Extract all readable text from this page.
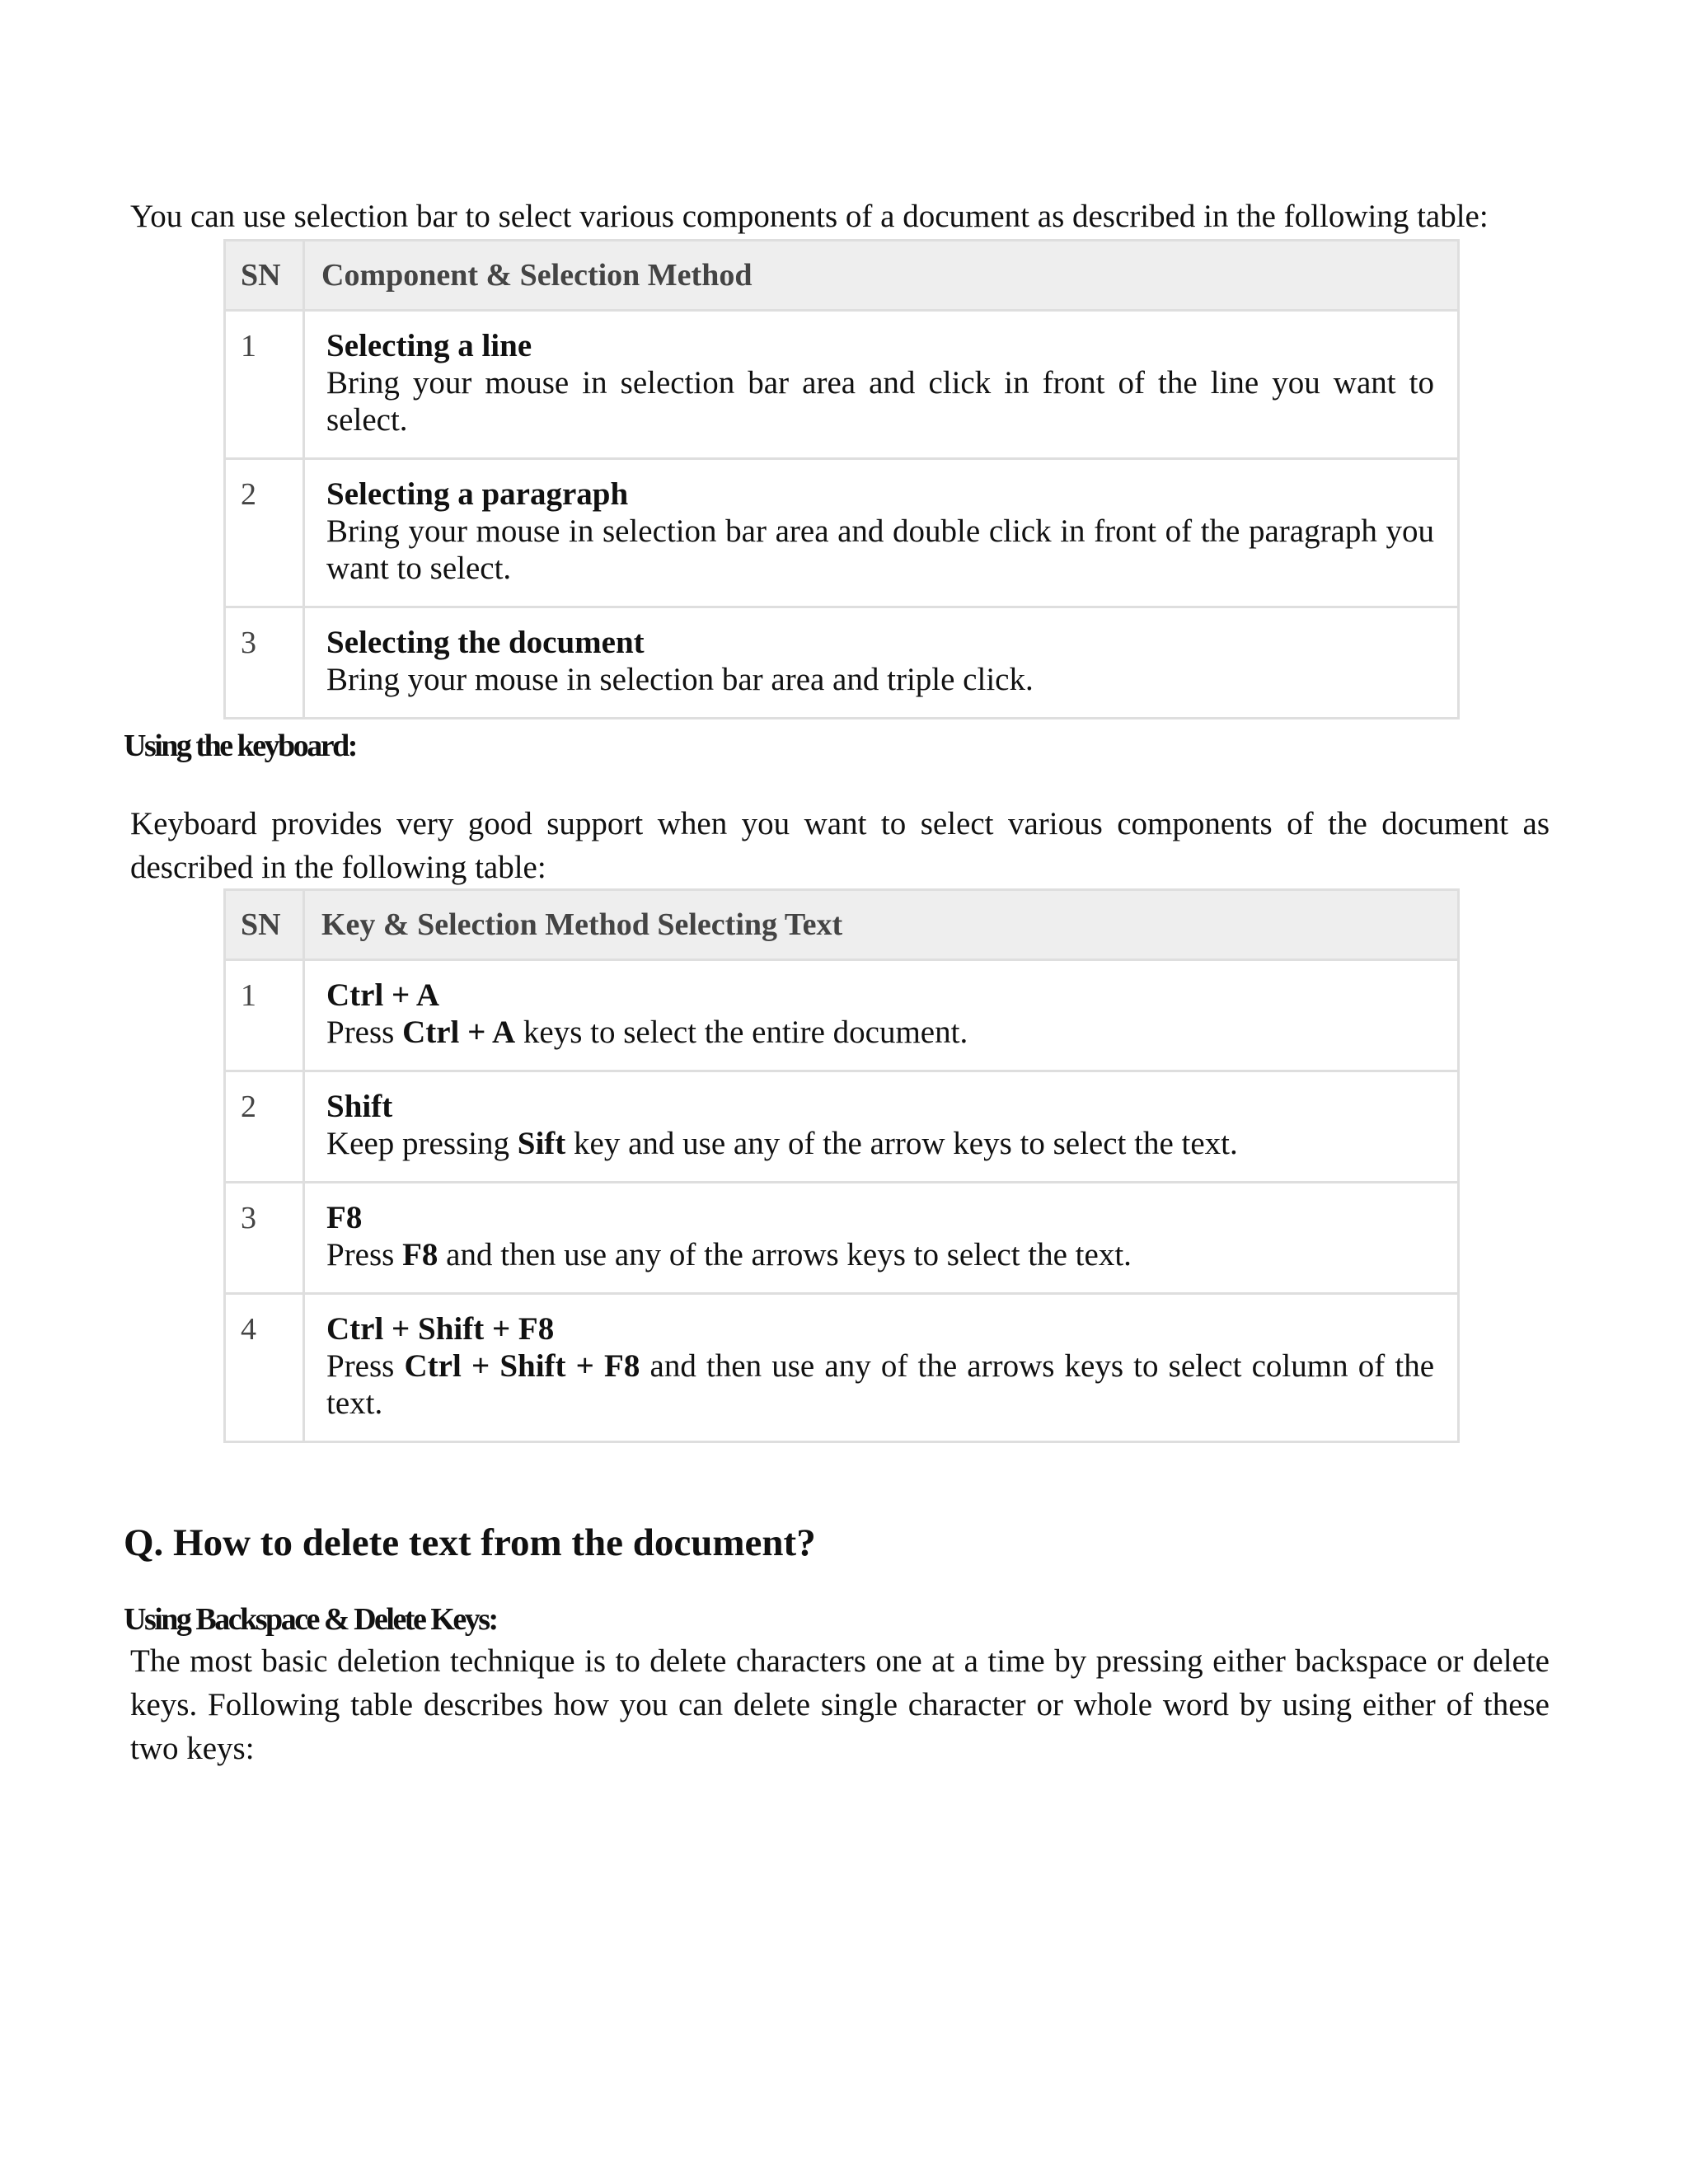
You can use selection bar to select various components of a document as described in the following table:

SN	Component & Selection Method
1	Selecting a line
Bring your mouse in selection bar area and click in front of the line you want to select.

2	Selecting a paragraph
Bring your mouse in selection bar area and double click in front of the paragraph you want to select.

3	Selecting the document
Bring your mouse in selection bar area and triple click.

Using the keyboard:

Keyboard provides very good support when you want to select various components of the document as described in the following table:

SN	Key & Selection Method Selecting Text
1	Ctrl + A
Press Ctrl + A keys to select the entire document.

2	Shift
Keep pressing Sift key and use any of the arrow keys to select the text.

3	F8
Press F8 and then use any of the arrows keys to select the text.

4	Ctrl + Shift + F8
Press Ctrl + Shift + F8 and then use any of the arrows keys to select column of the text.
Q. How to delete text from the document?

Using Backspace & Delete Keys:

The most basic deletion technique is to delete characters one at a time by pressing either backspace or delete keys. Following table describes how you can delete single character or whole word by using either of these two keys:
